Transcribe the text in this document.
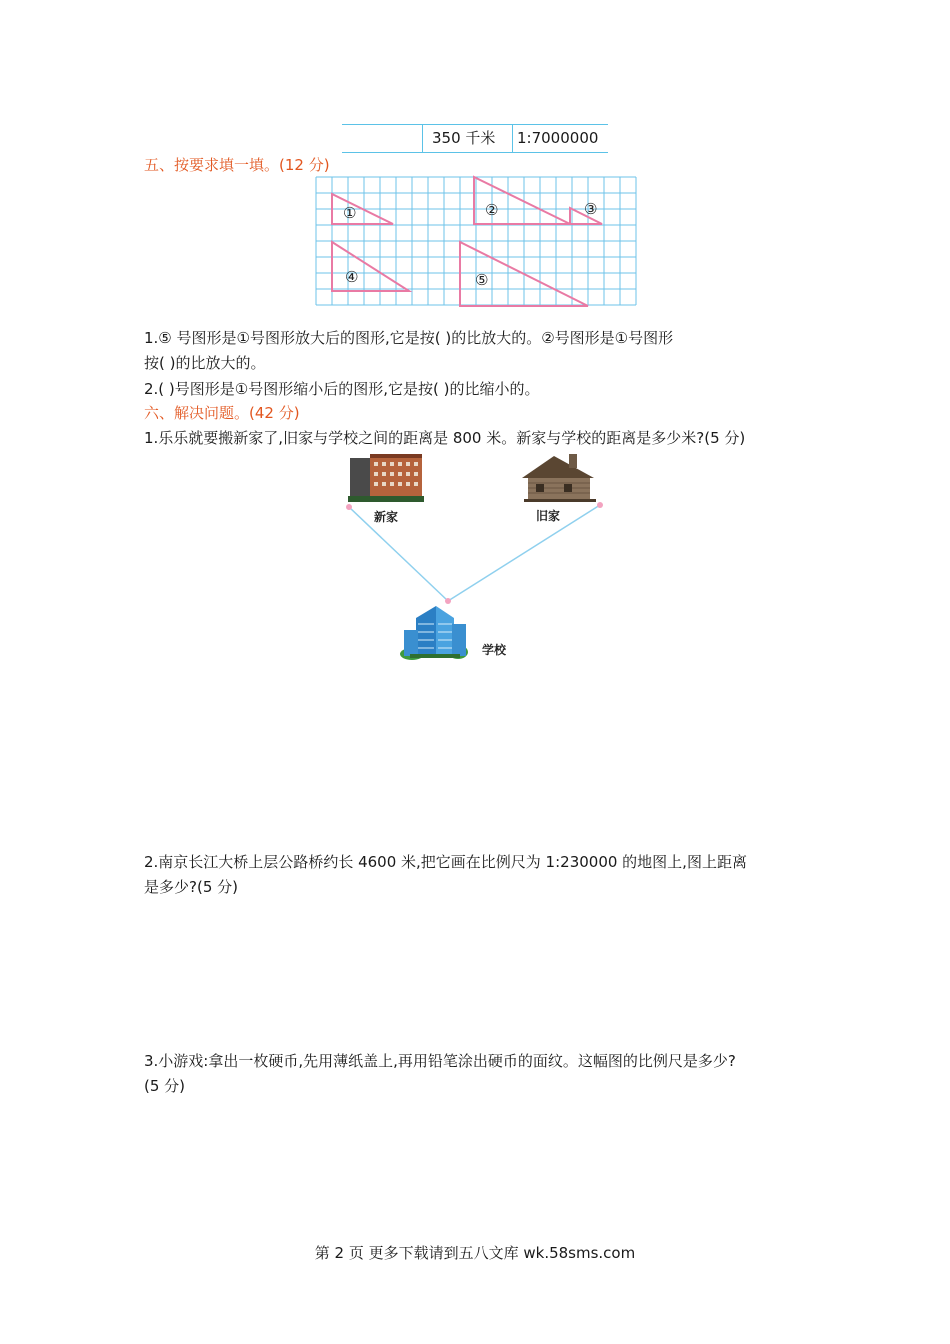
350 千米 1:7000000
五、按要求填一填。(12 分)
①	②	③
④	⑤
1.⑤ 号图形是①号图形放大后的图形,它是按( )的比放大的。②号图形是①号图形
按( )的比放大的。
2.( )号图形是①号图形缩小后的图形,它是按( )的比缩小的。
六、解决问题。(42 分)
1.乐乐就要搬新家了,旧家与学校之间的距离是 800 米。新家与学校的距离是多少米?(5 分)
新家	旧家
学校
2.南京长江大桥上层公路桥约长 4600 米,把它画在比例尺为 1:230000 的地图上,图上距离
是多少?(5 分)
3.小游戏:拿出一枚硬币,先用薄纸盖上,再用铅笔涂出硬币的面纹。这幅图的比例尺是多少?
(5 分)
第 2 页 更多下载请到五八文库 wk.58sms.com
